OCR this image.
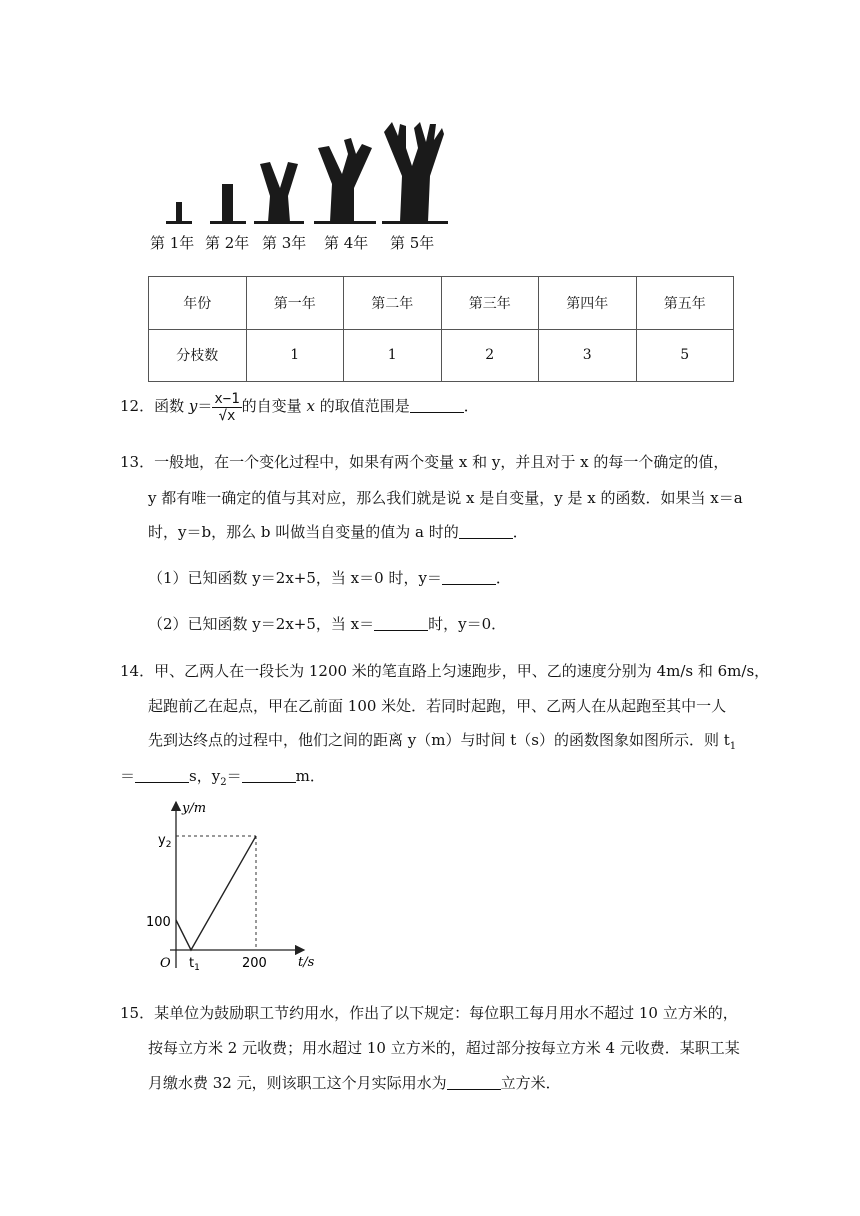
第 1年 第 2年 第 3年 第 4年 第 5年
年份	第一年	第二年	第三年	第四年	第五年
分枝数	1	1	2	3	5
12．函数 $y= \frac{x-1}{√x}$ 的自变量 x 的取值范围是	．
13．一般地，在一个变化过程中，如果有两个变量 x 和 y，并且对于 x 的每一个确定的值，
y 都有唯一确定的值与其对应，那么我们就是说 x 是自变量，y 是 x 的函数．如果当 x＝a
时，y＝b，那么 b 叫做当自变量的值为 a 时的	．
（1）已知函数 y＝2x+5，当 x＝0 时，y＝	．
（2）已知函数 y＝2x+5，当 x＝	时，y＝0．
14．甲、乙两人在一段长为 1200 米的笔直路上匀速跑步，甲、乙的速度分别为 4m/s 和 6m/s，
起跑前乙在起点，甲在乙前面 100 米处．若同时起跑，甲、乙两人在从起跑至其中一人
先到达终点的过程中，他们之间的距离 y（m）与时间 t（s）的函数图象如图所示．则 $t_1$
＝	s，$y_2=$	m．
y/m
t/s
$y_2$
100
O $t_1$	200
15．某单位为鼓励职工节约用水，作出了以下规定：每位职工每月用水不超过 10 立方米的，
按每立方米 2 元收费；用水超过 10 立方米的，超过部分按每立方米 4 元收费．某职工某
月缴水费 32 元，则该职工这个月实际用水为	立方米．
